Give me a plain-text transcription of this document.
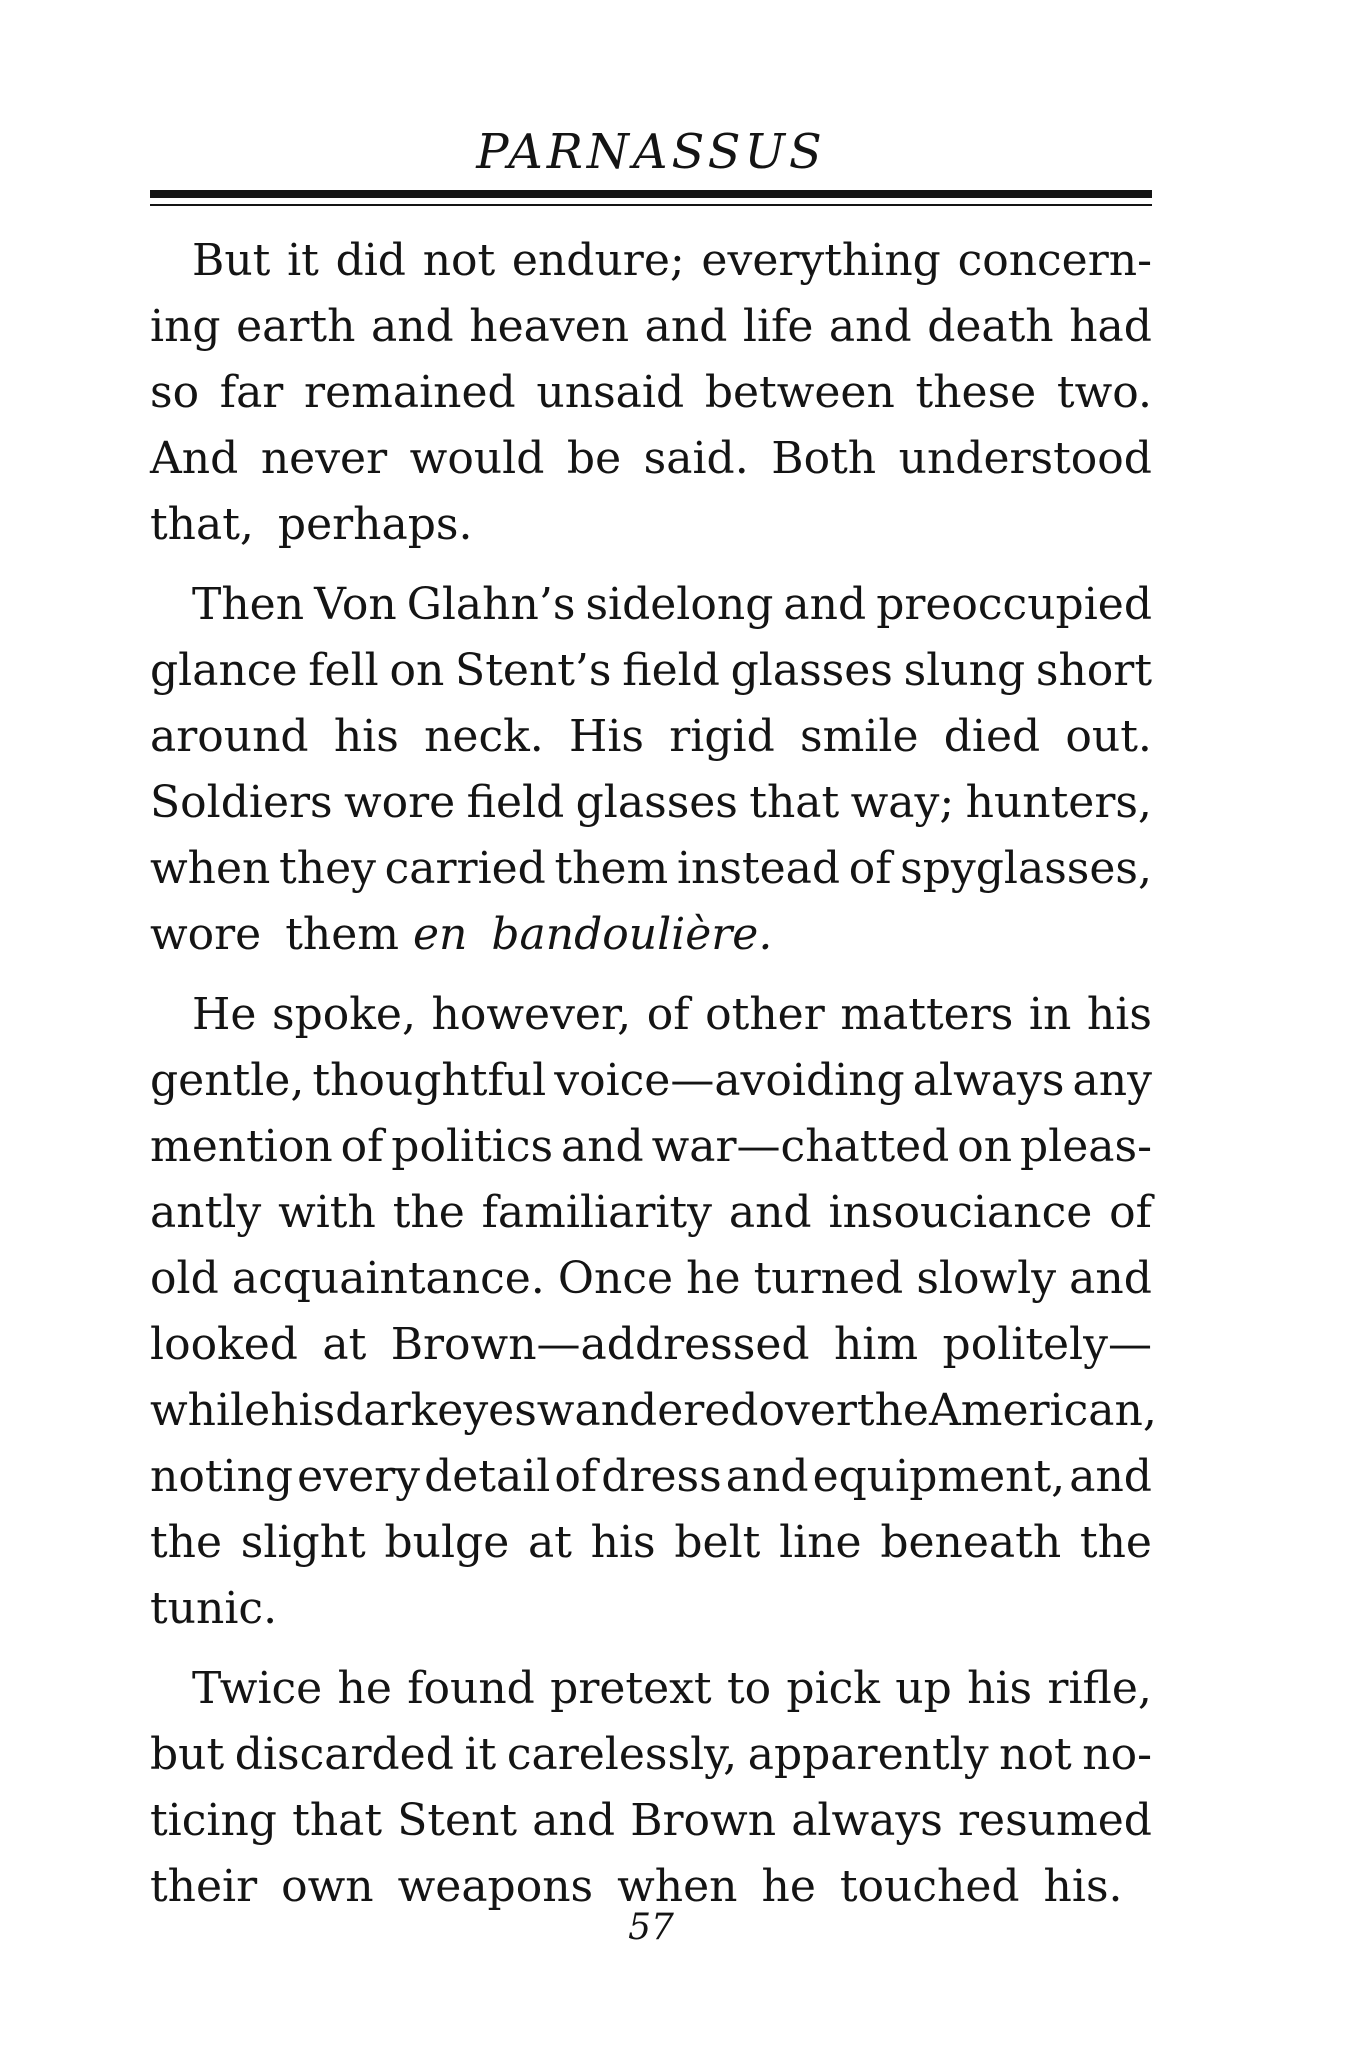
PARNASSUS
But it did not endure; everything concern-
ing earth and heaven and life and death had
so far remained unsaid between these two.
And never would be said. Both understood
that, perhaps.
Then Von Glahn’s sidelong and preoccupied
glance fell on Stent’s field glasses slung short
around his neck. His rigid smile died out.
Soldiers wore field glasses that way; hunters,
when they carried them instead of spyglasses,
wore them en bandoulière.
He spoke, however, of other matters in his
gentle, thoughtful voice—avoiding always any
mention of politics and war—chatted on pleas-
antly with the familiarity and insouciance of
old acquaintance. Once he turned slowly and
looked at Brown—addressed him politely—
while his dark eyes wandered over the American,
noting every detail of dress and equipment, and
the slight bulge at his belt line beneath the
tunic.
Twice he found pretext to pick up his rifle,
but discarded it carelessly, apparently not no-
ticing that Stent and Brown always resumed
their own weapons when he touched his.
57
